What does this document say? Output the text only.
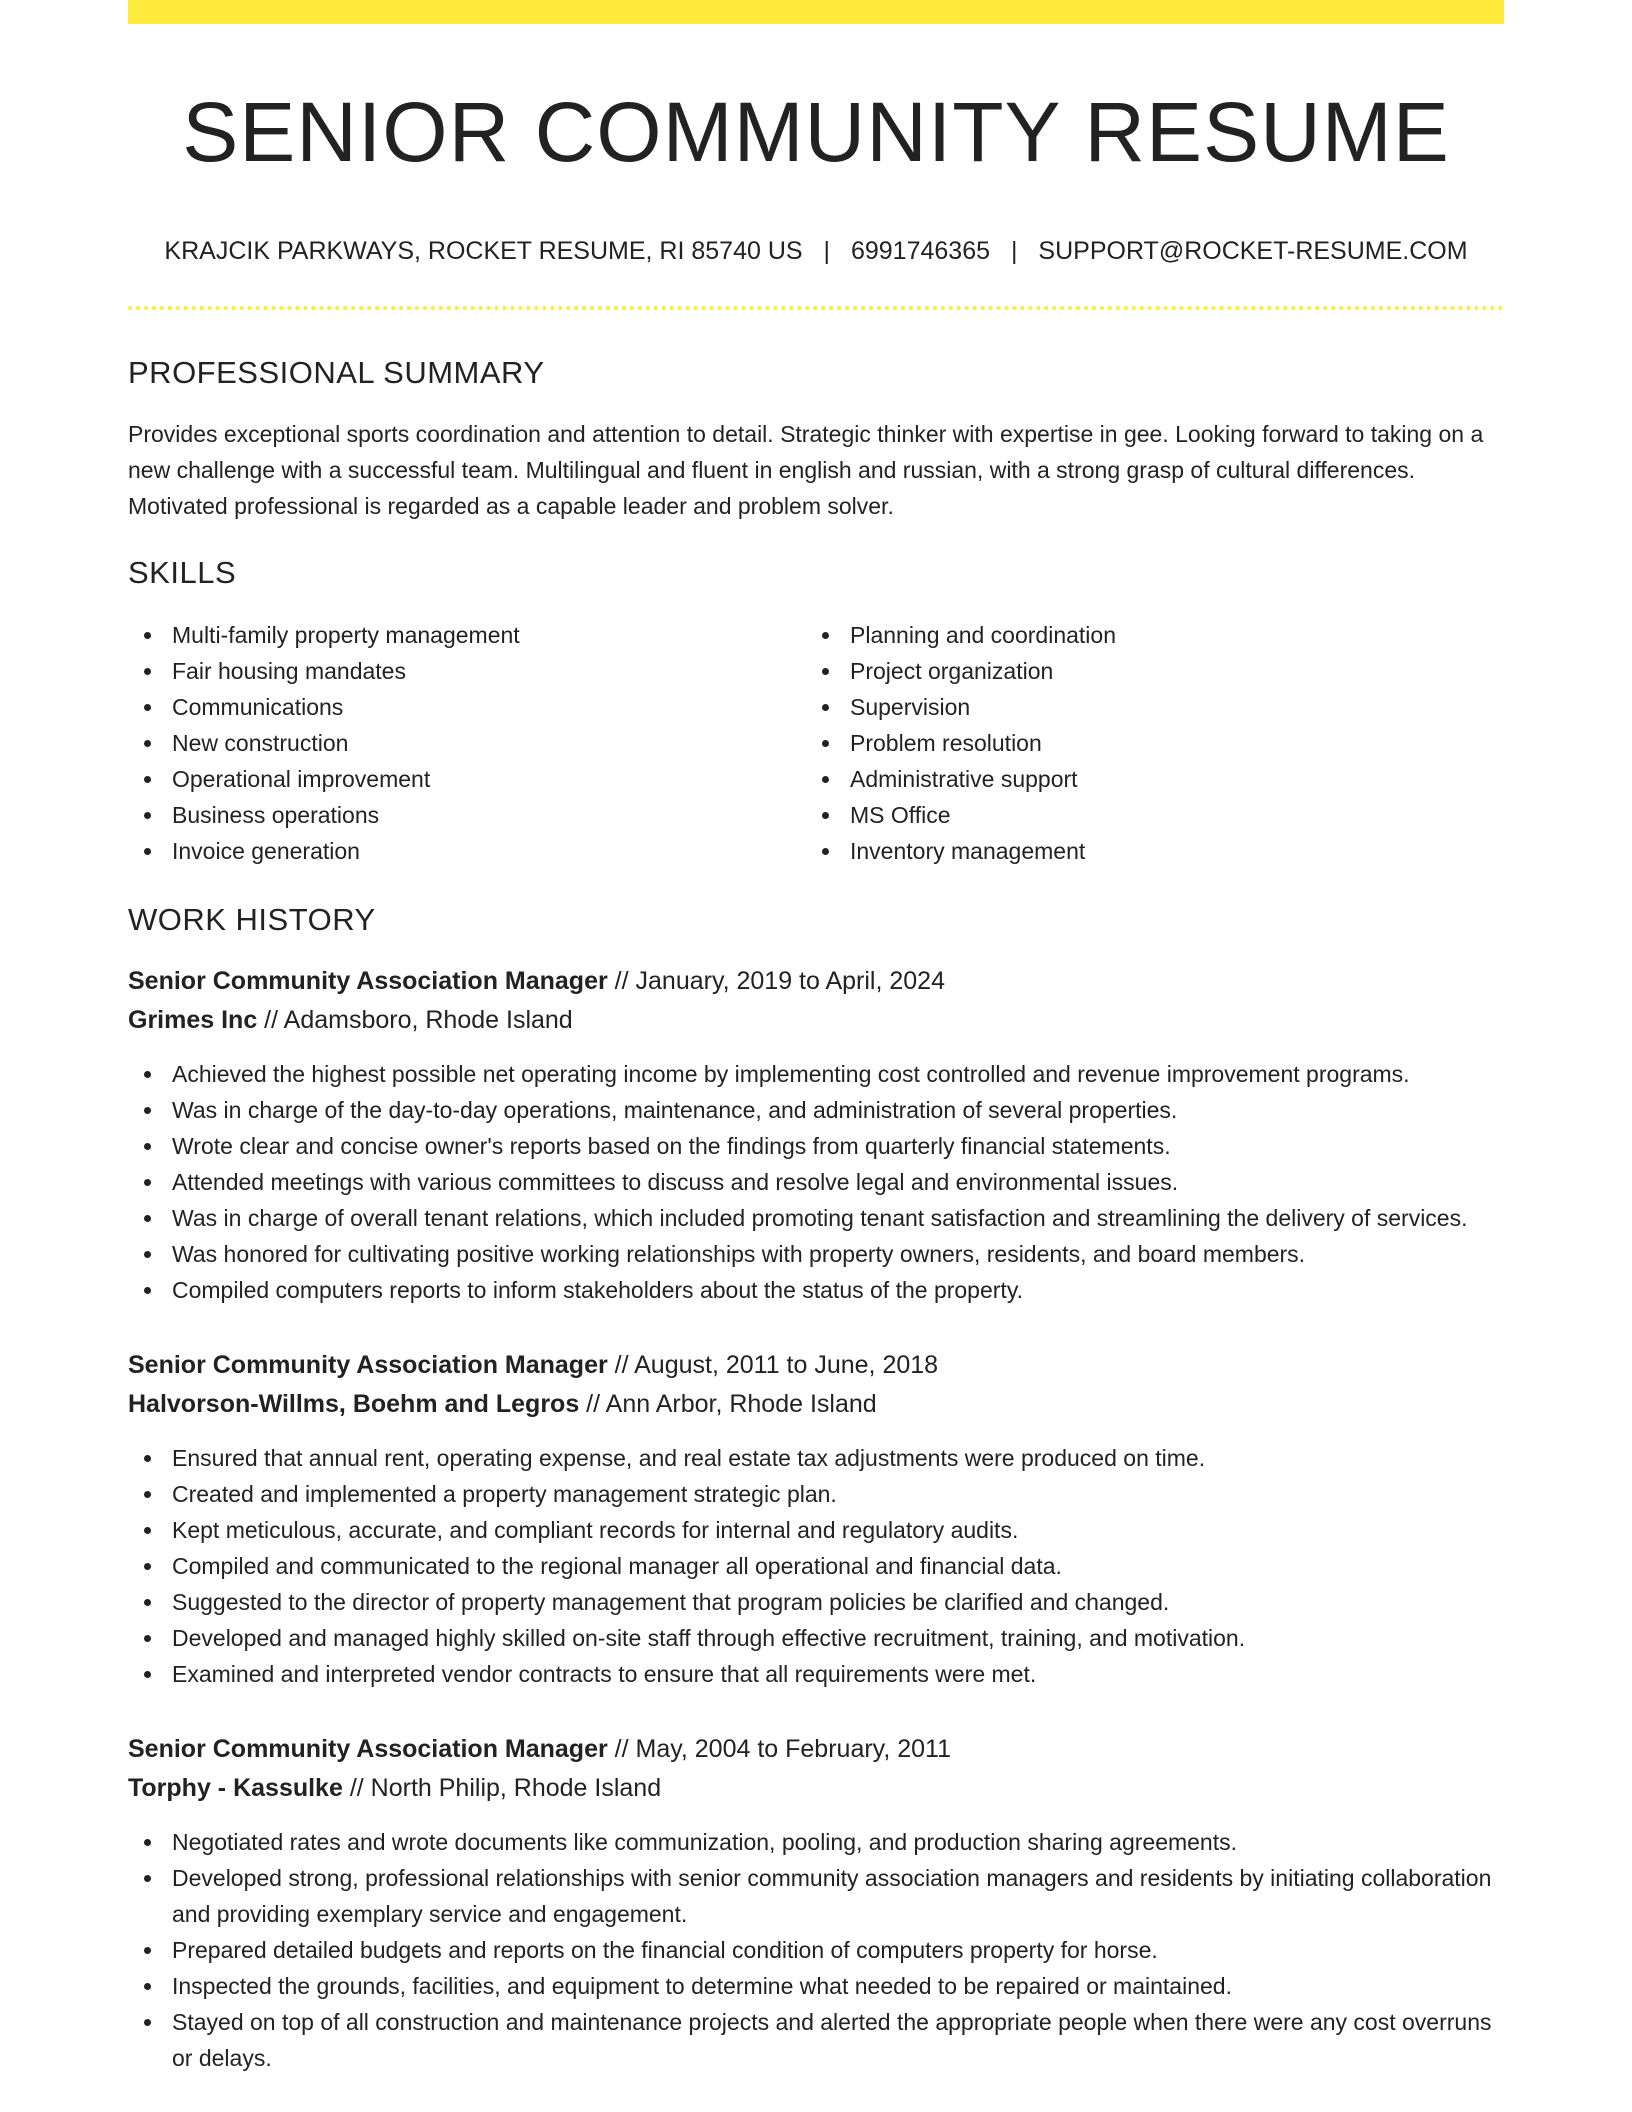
SENIOR COMMUNITY RESUME
KRAJCIK PARKWAYS, ROCKET RESUME, RI 85740 US | 6991746365 | SUPPORT@ROCKET-RESUME.COM
PROFESSIONAL SUMMARY

Provides exceptional sports coordination and attention to detail. Strategic thinker with expertise in gee. Looking forward to taking on a new challenge with a successful team. Multilingual and fluent in english and russian, with a strong grasp of cultural differences. Motivated professional is regarded as a capable leader and problem solver.

SKILLS
Multi-family property management
Fair housing mandates
Communications
New construction
Operational improvement
Business operations
Invoice generation
Planning and coordination
Project organization
Supervision
Problem resolution
Administrative support
MS Office
Inventory management
WORK HISTORY
Senior Community Association Manager // January, 2019 to April, 2024
Grimes Inc // Adamsboro, Rhode Island
Achieved the highest possible net operating income by implementing cost controlled and revenue improvement programs.
Was in charge of the day-to-day operations, maintenance, and administration of several properties.
Wrote clear and concise owner's reports based on the findings from quarterly financial statements.
Attended meetings with various committees to discuss and resolve legal and environmental issues.
Was in charge of overall tenant relations, which included promoting tenant satisfaction and streamlining the delivery of services.
Was honored for cultivating positive working relationships with property owners, residents, and board members.
Compiled computers reports to inform stakeholders about the status of the property.
Senior Community Association Manager // August, 2011 to June, 2018
Halvorson-Willms, Boehm and Legros // Ann Arbor, Rhode Island
Ensured that annual rent, operating expense, and real estate tax adjustments were produced on time.
Created and implemented a property management strategic plan.
Kept meticulous, accurate, and compliant records for internal and regulatory audits.
Compiled and communicated to the regional manager all operational and financial data.
Suggested to the director of property management that program policies be clarified and changed.
Developed and managed highly skilled on-site staff through effective recruitment, training, and motivation.
Examined and interpreted vendor contracts to ensure that all requirements were met.
Senior Community Association Manager // May, 2004 to February, 2011
Torphy - Kassulke // North Philip, Rhode Island
Negotiated rates and wrote documents like communization, pooling, and production sharing agreements.
Developed strong, professional relationships with senior community association managers and residents by initiating collaboration and providing exemplary service and engagement.
Prepared detailed budgets and reports on the financial condition of computers property for horse.
Inspected the grounds, facilities, and equipment to determine what needed to be repaired or maintained.
Stayed on top of all construction and maintenance projects and alerted the appropriate people when there were any cost overruns or delays.
